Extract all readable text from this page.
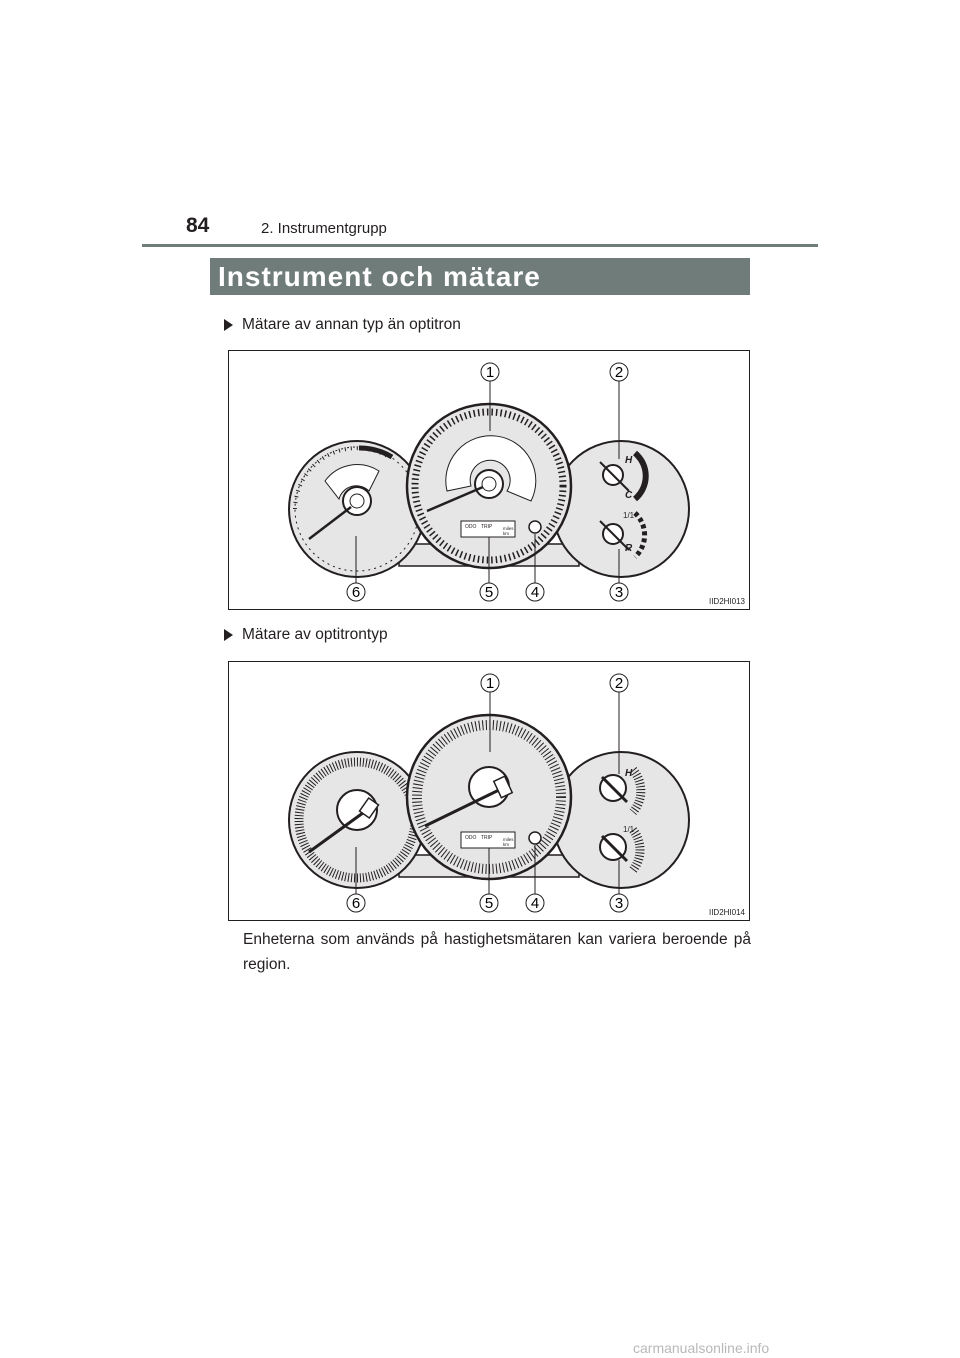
84	2. Instrumentgrupp
Instrument och mätare
Mätare av annan typ än optitron
H
C
1/1
R
ODO TRIP miles
km
1	2
3
4
5
6
IID2HI013
Mätare av optitrontyp
H
1/1
ODO TRIP miles
km
1	2
3
4
5
6
IID2HI014
Enheterna som används på hastighetsmätaren kan variera beroende på region.
carmanualsonline.info
